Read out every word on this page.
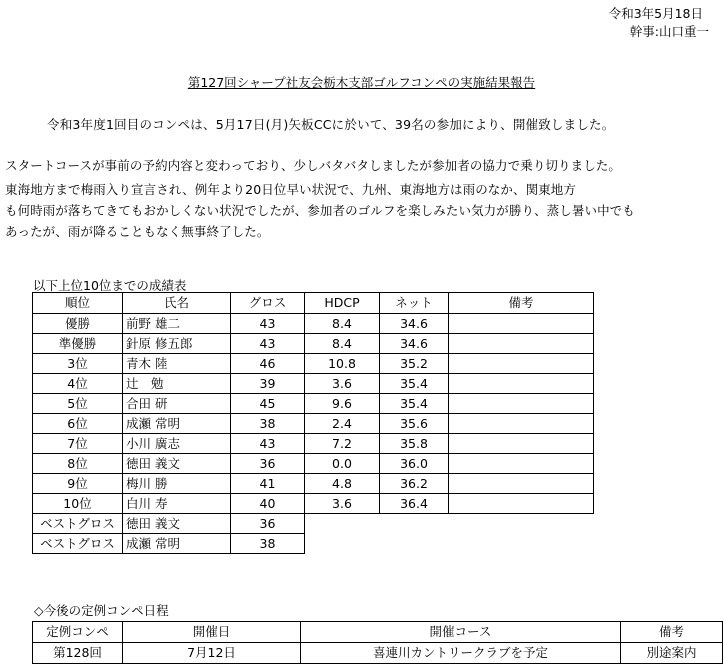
令和3年5月18日
幹事:山口重一
第127回シャープ社友会栃木支部ゴルフコンペの実施結果報告
令和3年度1回目のコンペは、5月17日(月)矢板CCに於いて、39名の参加により、開催致しました。
スタートコースが事前の予約内容と変わっており、少しバタバタしましたが参加者の協力で乗り切りました。
東海地方まで梅雨入り宣言され、例年より20日位早い状況で、九州、東海地方は雨のなか、関東地方
も何時雨が落ちてきてもおかしくない状況でしたが、参加者のゴルフを楽しみたい気力が勝り、蒸し暑い中でも
あったが、雨が降ることもなく無事終了した。
以下上位10位までの成績表
順位	氏名	グロス	HDCP	ネット	備考
優勝	前野 雄二	43	8.4	34.6	
準優勝	針原 修五郎	43	8.4	34.6	
3位	青木 陸	46	10.8	35.2	
4位	辻　勉	39	3.6	35.4	
5位	合田 研	45	9.6	35.4	
6位	成瀬 常明	38	2.4	35.6	
7位	小川 廣志	43	7.2	35.8	
8位	徳田 義文	36	0.0	36.0	
9位	梅川 勝	41	4.8	36.2	
10位	白川 寿	40	3.6	36.4	
ベストグロス	徳田 義文	36			
ベストグロス	成瀬 常明	38			
◇今後の定例コンペ日程
定例コンペ	開催日	開催コース	備考
第128回	7月12日	喜連川カントリークラブを予定	別途案内
